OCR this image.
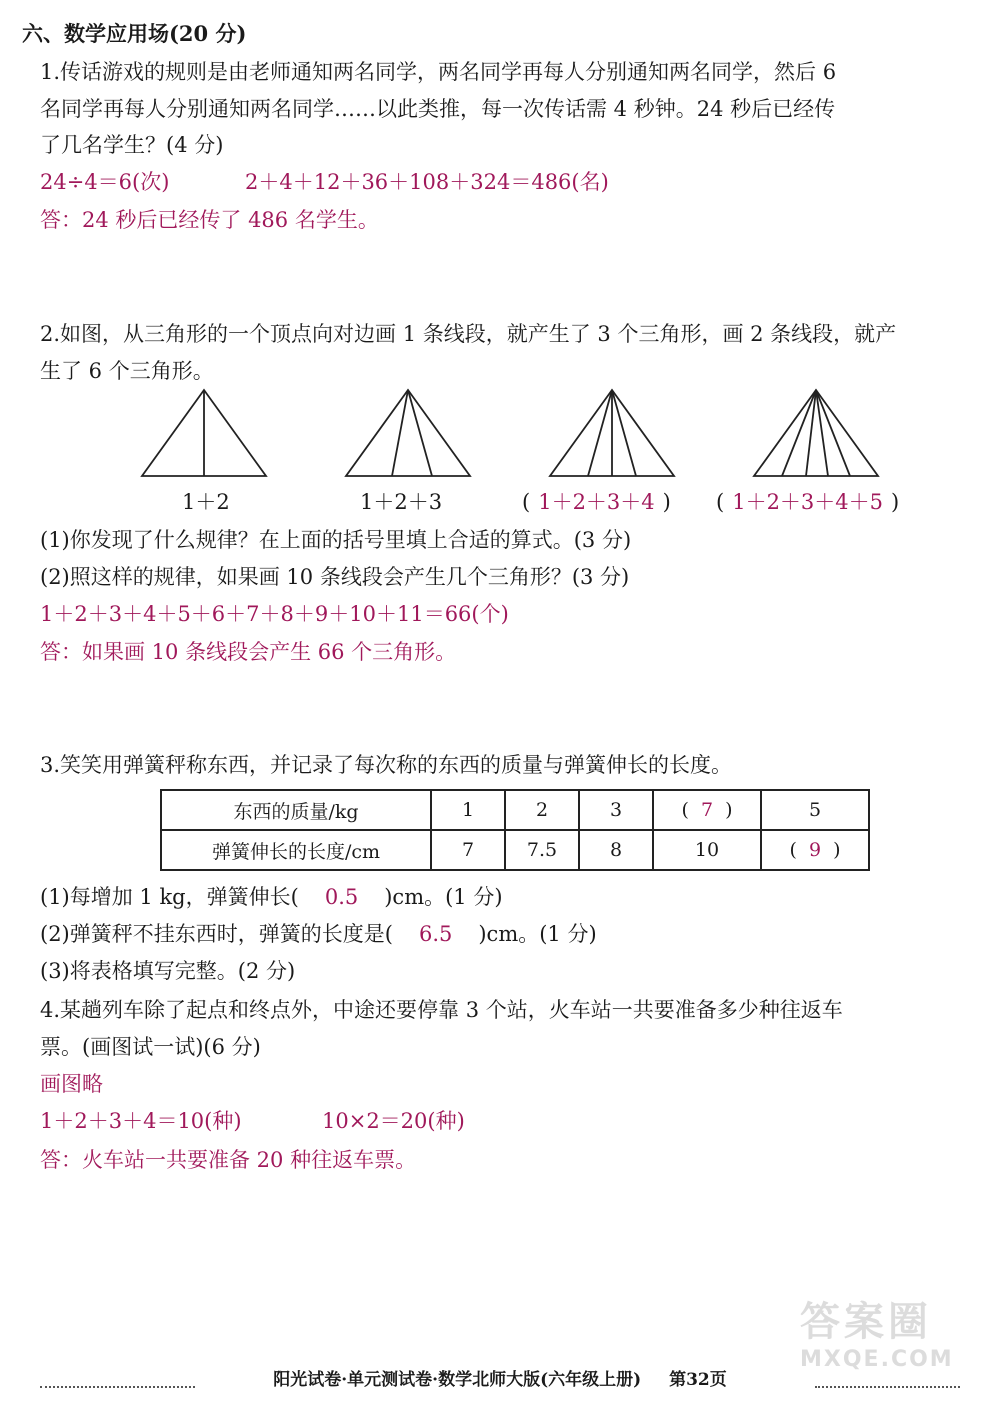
六、数学应用场(20 分)
1.传话游戏的规则是由老师通知两名同学，两名同学再每人分别通知两名同学，然后 6
名同学再每人分别通知两名同学……以此类推，每一次传话需 4 秒钟。24 秒后已经传
了几名学生？(4 分)
24÷4＝6(次)	2＋4＋12＋36＋108＋324＝486(名)
答：24 秒后已经传了 486 名学生。
2.如图，从三角形的一个顶点向对边画 1 条线段，就产生了 3 个三角形，画 2 条线段，就产
生了 6 个三角形。
1＋2	1＋2＋3	( 1＋2＋3＋4 ) ( 1＋2＋3＋4＋5 )
(1)你发现了什么规律？在上面的括号里填上合适的算式。(3 分)
(2)照这样的规律，如果画 10 条线段会产生几个三角形？(3 分)
1＋2＋3＋4＋5＋6＋7＋8＋9＋10＋11＝66(个)
答：如果画 10 条线段会产生 66 个三角形。
3.笑笑用弹簧秤称东西，并记录了每次称的东西的质量与弹簧伸长的长度。
东西的质量/kg	1	2	3	(  7  )	5
弹簧伸长的长度/cm	7	7.5	8	10	(  9  )
(1)每增加 1 kg，弹簧伸长( 0.5 )cm。(1 分)
(2)弹簧秤不挂东西时，弹簧的长度是( 6.5 )cm。(1 分)
(3)将表格填写完整。(2 分)
4.某趟列车除了起点和终点外，中途还要停靠 3 个站，火车站一共要准备多少种往返车
票。(画图试一试)(6 分)
画图略
1＋2＋3＋4＝10(种)	10×2＝20(种)
答：火车站一共要准备 20 种往返车票。
答案圈
MXQE.COM
阳光试卷·单元测试卷·数学北师大版(六年级上册) 第32页
